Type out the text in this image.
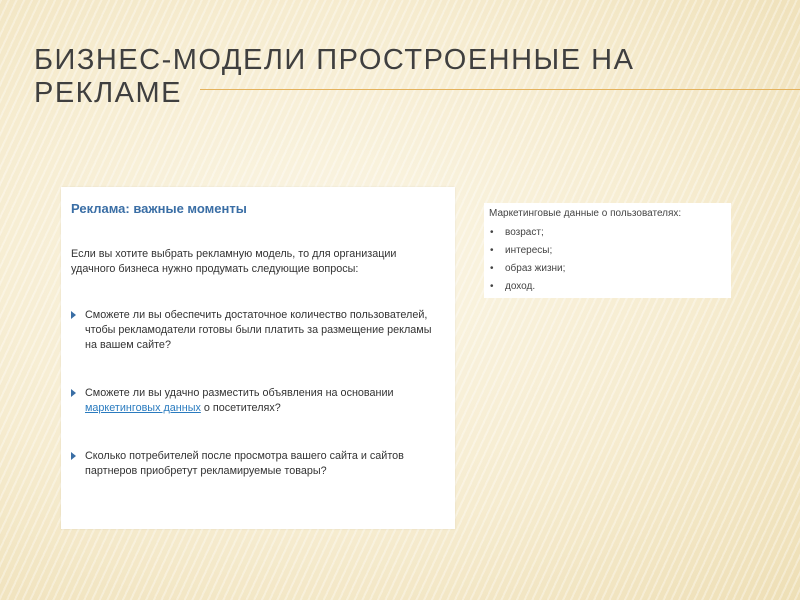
БИЗНЕС-МОДЕЛИ ПРОСТРОЕННЫЕ НА РЕКЛАМЕ
Реклама: важные моменты
Если вы хотите выбрать рекламную модель, то для организации удачного бизнеса нужно продумать следующие вопросы:
Сможете ли вы обеспечить достаточное количество пользователей, чтобы рекламодатели готовы были платить за размещение рекламы на вашем сайте?
Сможете ли вы удачно разместить объявления на основании маркетинговых данных о посетителях?
Сколько потребителей после просмотра вашего сайта и сайтов партнеров приобретут рекламируемые товары?
Маркетинговые данные о пользователях:
• возраст;
• интересы;
• образ жизни;
• доход.
